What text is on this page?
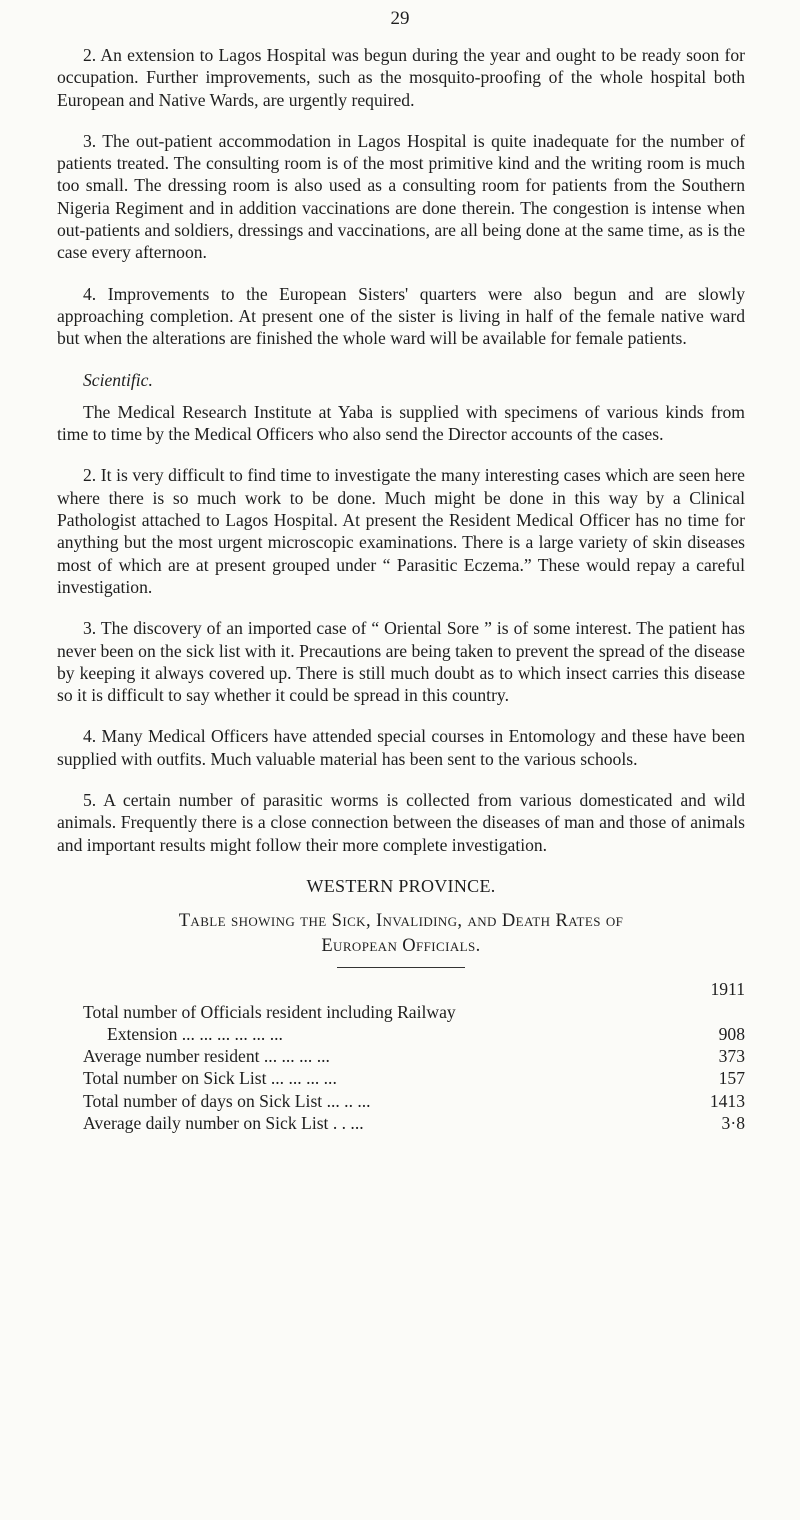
29

2. An extension to Lagos Hospital was begun during the year and ought to be ready soon for occupation. Further improvements, such as the mosquito-proofing of the whole hospital both European and Native Wards, are urgently required.

3. The out-patient accommodation in Lagos Hospital is quite inadequate for the number of patients treated. The consulting room is of the most primitive kind and the writing room is much too small. The dressing room is also used as a consulting room for patients from the Southern Nigeria Regiment and in addition vaccinations are done therein. The congestion is intense when out-patients and soldiers, dressings and vaccinations, are all being done at the same time, as is the case every afternoon.

4. Improvements to the European Sisters' quarters were also begun and are slowly approaching completion. At present one of the sister is living in half of the female native ward but when the alterations are finished the whole ward will be available for female patients.

Scientific.

The Medical Research Institute at Yaba is supplied with specimens of various kinds from time to time by the Medical Officers who also send the Director accounts of the cases.

2. It is very difficult to find time to investigate the many interesting cases which are seen here where there is so much work to be done. Much might be done in this way by a Clinical Pathologist attached to Lagos Hospital. At present the Resident Medical Officer has no time for anything but the most urgent microscopic examinations. There is a large variety of skin diseases most of which are at present grouped under “ Parasitic Eczema.” These would repay a careful investigation.

3. The discovery of an imported case of “ Oriental Sore ” is of some interest. The patient has never been on the sick list with it. Precautions are being taken to prevent the spread of the disease by keeping it always covered up. There is still much doubt as to which insect carries this disease so it is difficult to say whether it could be spread in this country.

4. Many Medical Officers have attended special courses in Entomology and these have been supplied with outfits. Much valuable material has been sent to the various schools.

5. A certain number of parasitic worms is collected from various domesticated and wild animals. Frequently there is a close connection between the diseases of man and those of animals and important results might follow their more complete investigation.

WESTERN PROVINCE.
Table showing the Sick, Invaliding, and Death Rates of
European Officials.
1911
Total number of Officials resident including Railway
Extension ... ... ... ... ... ...	908
Average number resident ... ... ... ...	373
Total number on Sick List ... ... ... ...	157
Total number of days on Sick List ... .. ...	1413
Average daily number on Sick List . . ...	3·8
